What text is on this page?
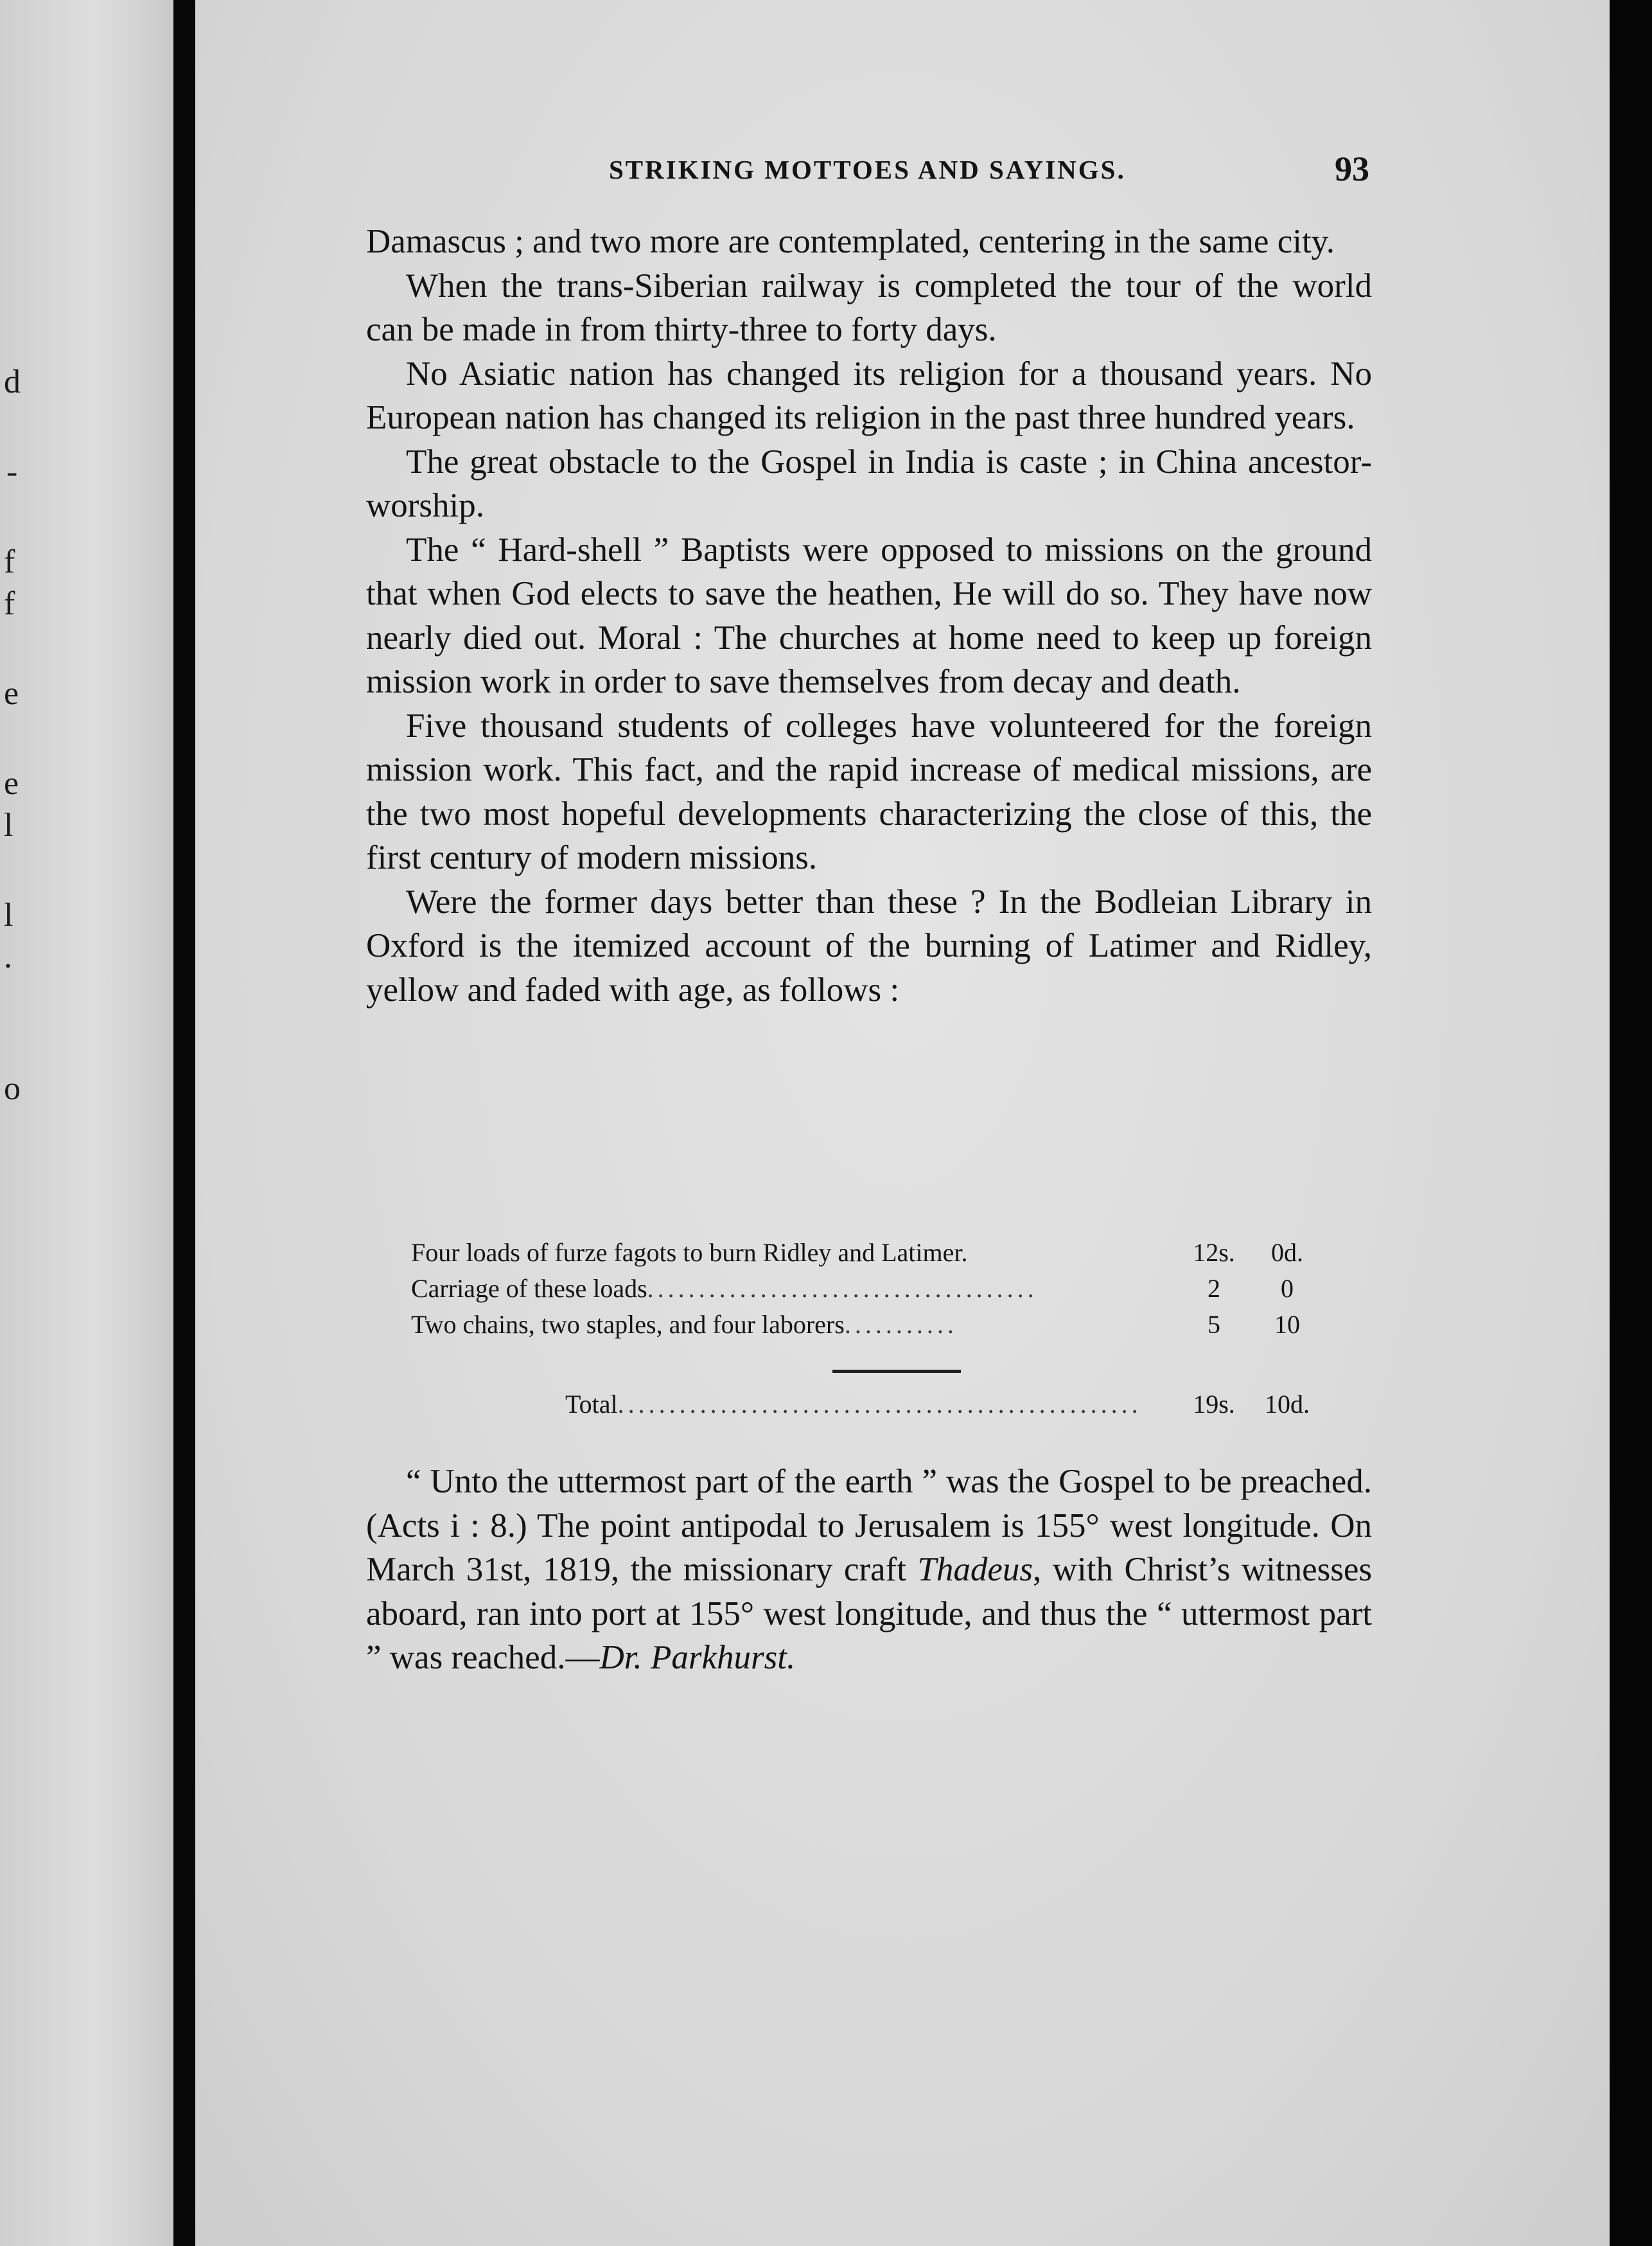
d
-
f
f
e
e
l
l
.
o
STRIKING MOTTOES AND SAYINGS.	93

Damascus ; and two more are contemplated, centering in the same city.

When the trans-Siberian railway is completed the tour of the world can be made in from thirty-three to forty days.

No Asiatic nation has changed its religion for a thousand years. No European nation has changed its religion in the past three hundred years.

The great obstacle to the Gospel in India is caste ; in China ancestor-worship.

The “ Hard-shell ” Baptists were opposed to missions on the ground that when God elects to save the heathen, He will do so. They have now nearly died out. Moral : The churches at home need to keep up foreign mission work in order to save themselves from decay and death.

Five thousand students of colleges have volunteered for the foreign mission work. This fact, and the rapid increase of medical missions, are the two most hopeful developments characterizing the close of this, the first century of modern missions.

Were the former days better than these ? In the Bodleian Library in Oxford is the itemized account of the burning of Latimer and Ridley, yellow and faded with age, as follows :

Four loads of furze fagots to burn Ridley and Latimer.	12s.	0d.
Carriage of these loads......................................	2	0
Two chains, two staples, and four laborers...........	5	10
Total...................................................	19s.	10d.

“ Unto the uttermost part of the earth ” was the Gospel to be preached. (Acts i : 8.) The point antipodal to Jerusalem is 155° west longitude. On March 31st, 1819, the missionary craft Thadeus, with Christ’s witnesses aboard, ran into port at 155° west longitude, and thus the “ uttermost part ” was reached.—Dr. Parkhurst.
